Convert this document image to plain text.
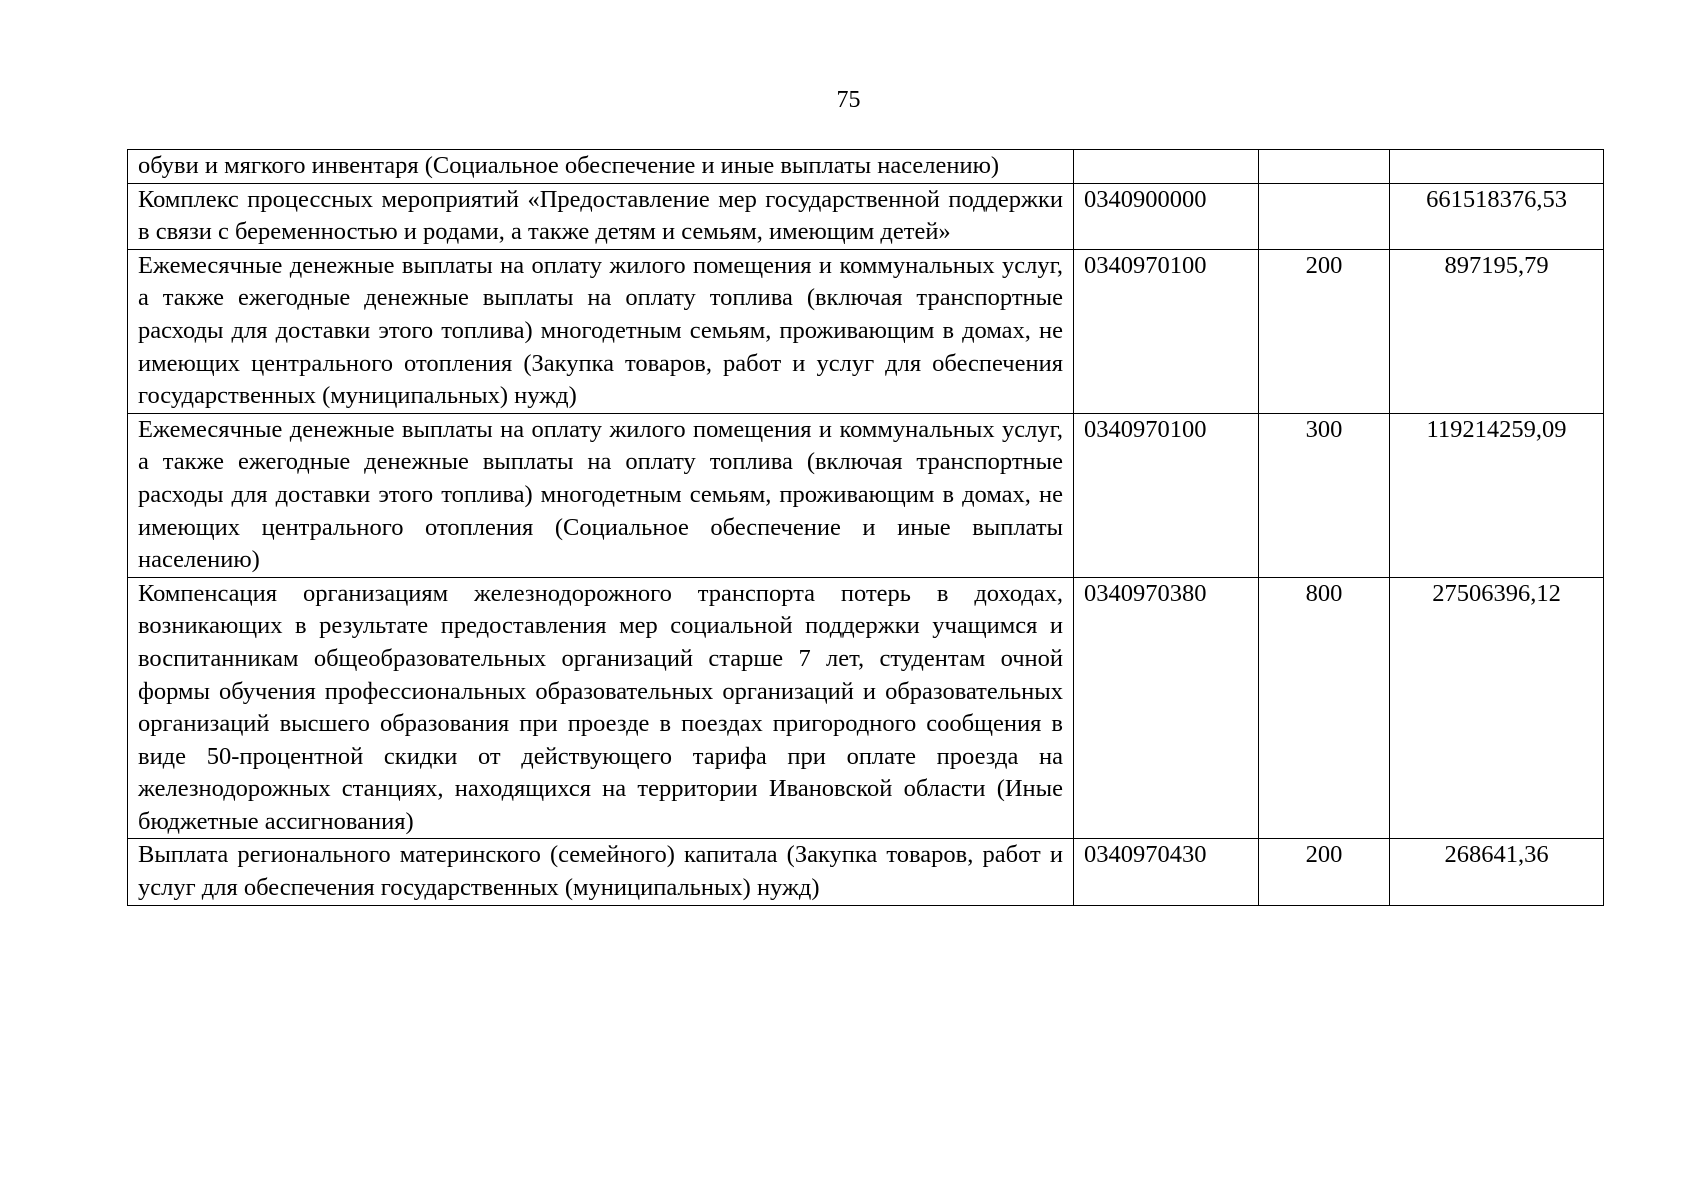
75
обуви и мягкого инвентаря (Социальное обеспечение и иные выплаты населению)			
Комплекс процессных мероприятий «Предоставление мер государственной поддержки в связи с беременностью и родами, а также детям и семьям, имеющим детей»	0340900000		661518376,53
Ежемесячные денежные выплаты на оплату жилого помещения и коммунальных услуг, а также ежегодные денежные выплаты на оплату топлива (включая транспортные расходы для доставки этого топлива) многодетным семьям, проживающим в домах, не имеющих центрального отопления (Закупка товаров, работ и услуг для обеспечения государственных (муниципальных) нужд)	0340970100	200	897195,79
Ежемесячные денежные выплаты на оплату жилого помещения и коммунальных услуг, а также ежегодные денежные выплаты на оплату топлива (включая транспортные расходы для доставки этого топлива) многодетным семьям, проживающим в домах, не имеющих центрального отопления (Социальное обеспечение и иные выплаты населению)	0340970100	300	119214259,09
Компенсация организациям железнодорожного транспорта потерь в доходах, возникающих в результате предоставления мер социальной поддержки учащимся и воспитанникам общеобразовательных организаций старше 7 лет, студентам очной формы обучения профессиональных образовательных организаций и образовательных организаций высшего образования при проезде в поездах пригородного сообщения в виде 50-процентной скидки от действующего тарифа при оплате проезда на железнодорожных станциях, находящихся на территории Ивановской области (Иные бюджетные ассигнования)	0340970380	800	27506396,12
Выплата регионального материнского (семейного) капитала (Закупка товаров, работ и услуг для обеспечения государственных (муниципальных) нужд)	0340970430	200	268641,36
